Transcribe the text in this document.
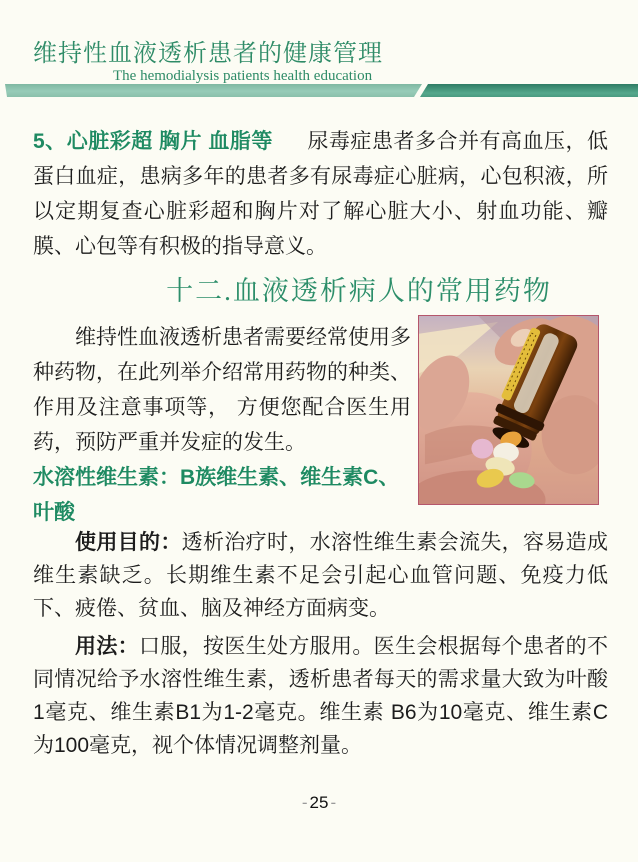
维持性血液透析患者的健康管理
The hemodialysis patients health education
5、心脏彩超 胸片 血脂等 尿毒症患者多合并有高血压，低蛋白血症，患病多年的患者多有尿毒症心脏病，心包积液，所以定期复查心脏彩超和胸片对了解心脏大小、射血功能、瓣膜、心包等有积极的指导意义。
十二.血液透析病人的常用药物
维持性血液透析患者需要经常使用多种药物，在此列举介绍常用药物的种类、作用及注意事项等， 方便您配合医生用药，预防严重并发症的发生。
水溶性维生素：B族维生素、维生素C、叶酸
使用目的：透析治疗时，水溶性维生素会流失，容易造成维生素缺乏。长期维生素不足会引起心血管问题、免疫力低下、疲倦、贫血、脑及神经方面病变。
用法：口服，按医生处方服用。医生会根据每个患者的不同情况给予水溶性维生素，透析患者每天的需求量大致为叶酸1毫克、维生素B1为1-2毫克。维生素 B6为10毫克、维生素C为100毫克，视个体情况调整剂量。
- 25 -
